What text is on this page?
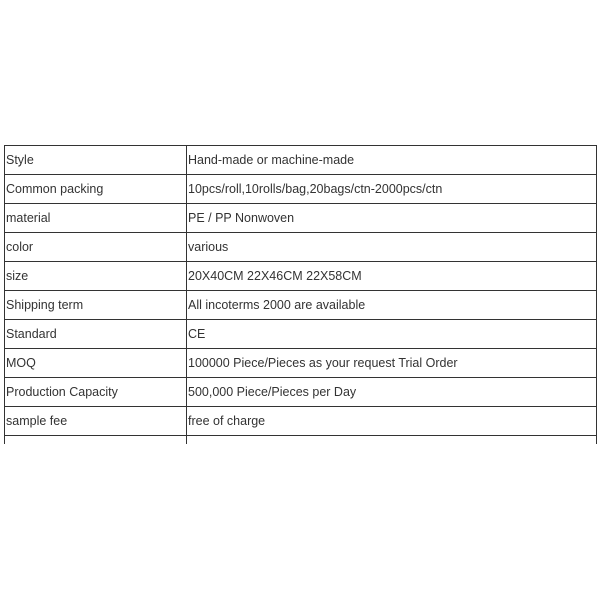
Style	Hand-made or machine-made
Common packing	10pcs/roll,10rolls/bag,20bags/ctn-2000pcs/ctn
material	PE / PP Nonwoven
color	various
size	20X40CM 22X46CM 22X58CM
Shipping term	All incoterms 2000 are available
Standard	CE
MOQ	100000 Piece/Pieces as your request Trial Order
Production Capacity	500,000 Piece/Pieces per Day
sample fee	free of charge
